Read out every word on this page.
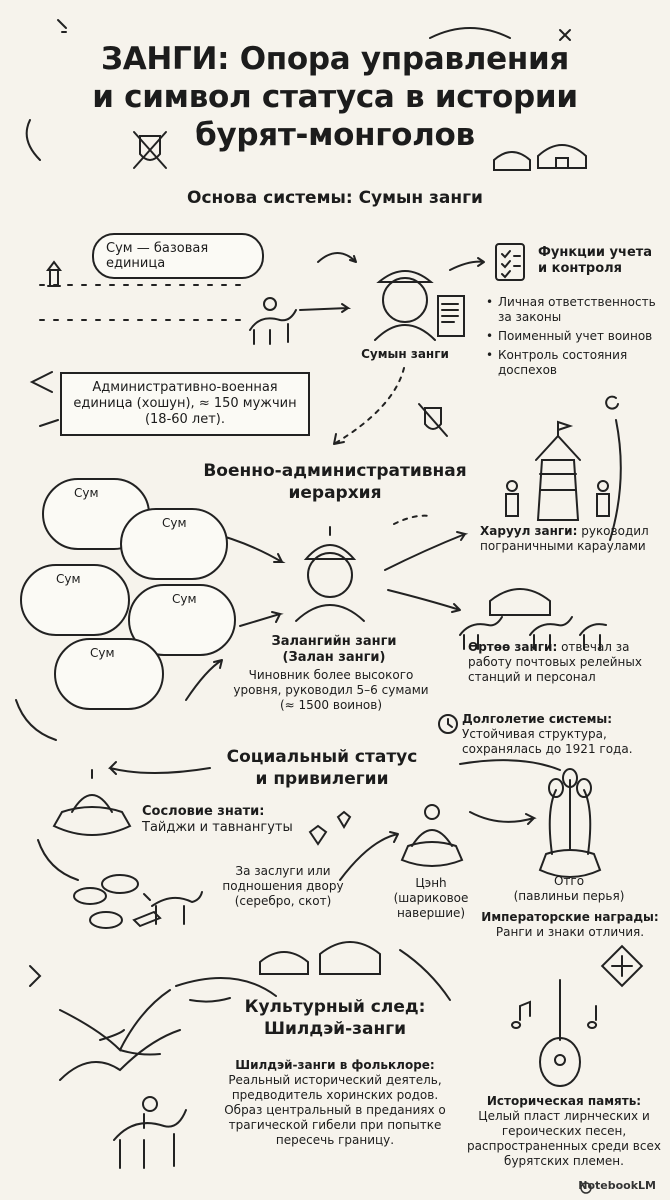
ЗАНГИ: Опора управления
и символ статуса в истории
бурят-монголов
Основа системы: Сумын занги
Сум — базовая единица
Административно-военная единица (хошун), ≈ 150 мужчин (18-60 лет).
Сумын занги
Функции учета и контроля
• Личная ответственность за законы
• Поименный учет воинов
• Контроль состояния доспехов
Военно-административная иерархия
Сум
Сум
Сум
Сум
Сум
Залангийн занги (Залан занги)
Чиновник более высокого уровня, руководил 5–6 сумами (≈ 1500 воинов)
Харуул занги: руководил пограничными караулами
Өртөө занги: отвечал за работу почтовых релейных станций и персонал
Долголетие системы:
Устойчивая структура, сохранялась до 1921 года.
Социальный статус и привилегии
Сословие знати:
Тайджи и тавнангуты
За заслуги или подношения двору (серебро, скот)
Цэнһ
(шариковое навершие)
Отго
(павлиньи перья)
Императорские награды:
Ранги и знаки отличия.
Культурный след: Шилдэй-занги
Шилдэй-занги в фольклоре:
Реальный исторический деятель, предводитель хоринских родов. Образ центральный в преданиях о трагической гибели при попытке пересечь границу.
Историческая память:
Целый пласт лирнческих и героических песен, распространенных среди всех бурятских племен.
NotebookLM
